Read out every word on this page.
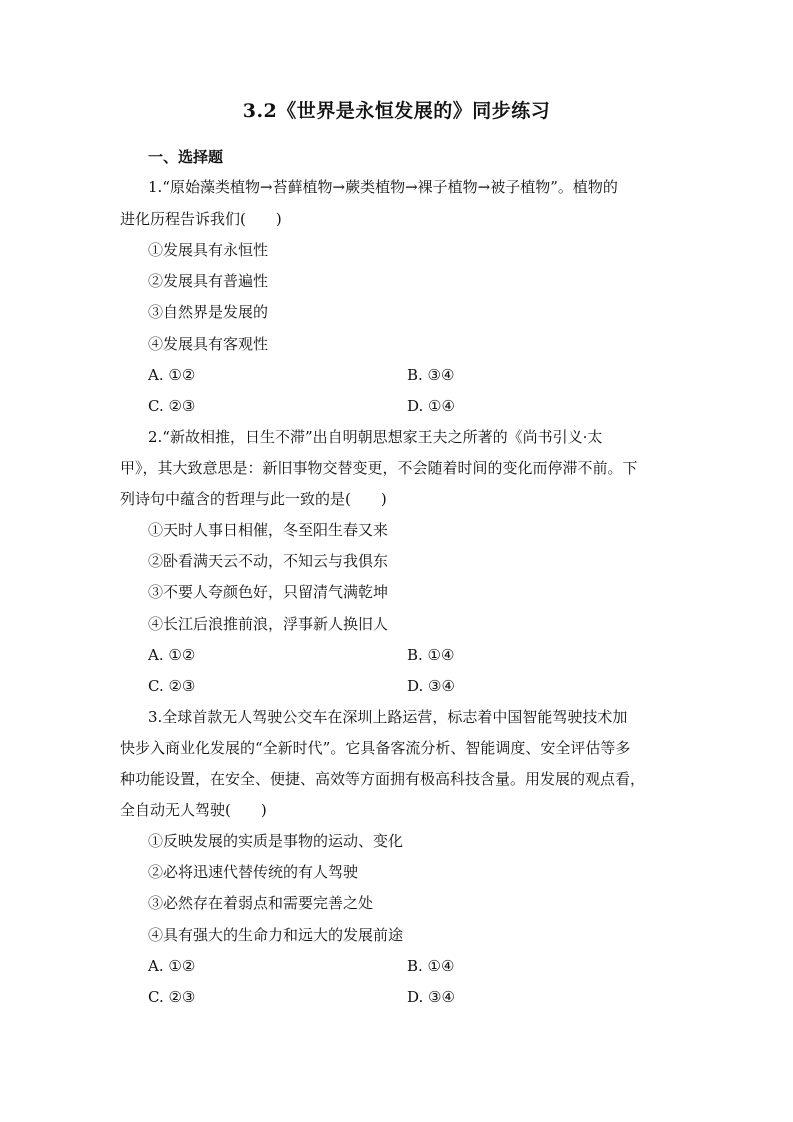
3.2《世界是永恒发展的》同步练习
一、选择题
1.“原始藻类植物→苔藓植物→蕨类植物→裸子植物→被子植物”。植物的
进化历程告诉我们(　　)
①发展具有永恒性
②发展具有普遍性
③自然界是发展的
④发展具有客观性
A. ①②	B. ③④
C. ②③	D. ①④
2.“新故相推，日生不滞”出自明朝思想家王夫之所著的《尚书引义·太
甲》，其大致意思是：新旧事物交替变更，不会随着时间的变化而停滞不前。下
列诗句中蕴含的哲理与此一致的是(　　)
①天时人事日相催，冬至阳生春又来
②卧看满天云不动，不知云与我俱东
③不要人夸颜色好，只留清气满乾坤
④长江后浪推前浪，浮事新人换旧人
A. ①②	B. ①④
C. ②③	D. ③④
3.全球首款无人驾驶公交车在深圳上路运营，标志着中国智能驾驶技术加
快步入商业化发展的“全新时代”。它具备客流分析、智能调度、安全评估等多
种功能设置，在安全、便捷、高效等方面拥有极高科技含量。用发展的观点看，
全自动无人驾驶(　　)
①反映发展的实质是事物的运动、变化
②必将迅速代替传统的有人驾驶
③必然存在着弱点和需要完善之处
④具有强大的生命力和远大的发展前途
A. ①②	B. ①④
C. ②③	D. ③④
